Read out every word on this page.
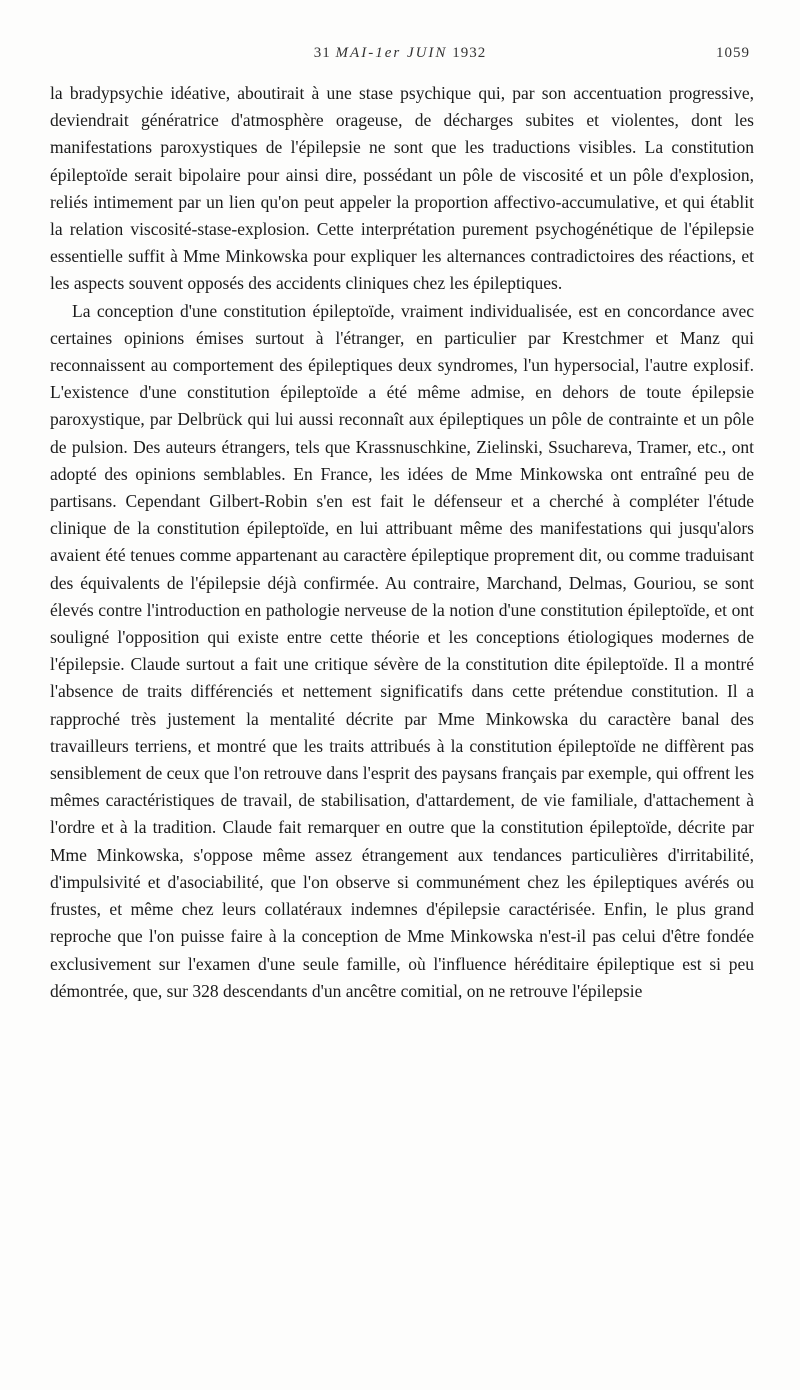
31 MAI-1er JUIN 1932	1059

la bradypsychie idéative, aboutirait à une stase psychique qui, par son accentuation progressive, deviendrait génératrice d'atmosphère orageuse, de décharges subites et violentes, dont les manifestations paroxystiques de l'épilepsie ne sont que les traductions visibles. La constitution épileptoïde serait bipolaire pour ainsi dire, possédant un pôle de viscosité et un pôle d'explosion, reliés intimement par un lien qu'on peut appeler la proportion affectivo-accumulative, et qui établit la relation viscosité-stase-explosion. Cette interprétation purement psychogénétique de l'épilepsie essentielle suffit à Mme Minkowska pour expliquer les alternances contradictoires des réactions, et les aspects souvent opposés des accidents cliniques chez les épileptiques.

La conception d'une constitution épileptoïde, vraiment individualisée, est en concordance avec certaines opinions émises surtout à l'étranger, en particulier par Krestchmer et Manz qui reconnaissent au comportement des épileptiques deux syndromes, l'un hypersocial, l'autre explosif. L'existence d'une constitution épileptoïde a été même admise, en dehors de toute épilepsie paroxystique, par Delbrück qui lui aussi reconnaît aux épileptiques un pôle de contrainte et un pôle de pulsion. Des auteurs étrangers, tels que Krassnuschkine, Zielinski, Ssuchareva, Tramer, etc., ont adopté des opinions semblables. En France, les idées de Mme Minkowska ont entraîné peu de partisans. Cependant Gilbert-Robin s'en est fait le défenseur et a cherché à compléter l'étude clinique de la constitution épileptoïde, en lui attribuant même des manifestations qui jusqu'alors avaient été tenues comme appartenant au caractère épileptique proprement dit, ou comme traduisant des équivalents de l'épilepsie déjà confirmée. Au contraire, Marchand, Delmas, Gouriou, se sont élevés contre l'introduction en pathologie nerveuse de la notion d'une constitution épileptoïde, et ont souligné l'opposition qui existe entre cette théorie et les conceptions étiologiques modernes de l'épilepsie. Claude surtout a fait une critique sévère de la constitution dite épileptoïde. Il a montré l'absence de traits différenciés et nettement significatifs dans cette prétendue constitution. Il a rapproché très justement la mentalité décrite par Mme Minkowska du caractère banal des travailleurs terriens, et montré que les traits attribués à la constitution épileptoïde ne diffèrent pas sensiblement de ceux que l'on retrouve dans l'esprit des paysans français par exemple, qui offrent les mêmes caractéristiques de travail, de stabilisation, d'attardement, de vie familiale, d'attachement à l'ordre et à la tradition. Claude fait remarquer en outre que la constitution épileptoïde, décrite par Mme Minkowska, s'oppose même assez étrangement aux tendances particulières d'irritabilité, d'impulsivité et d'asociabilité, que l'on observe si communément chez les épileptiques avérés ou frustes, et même chez leurs collatéraux indemnes d'épilepsie caractérisée. Enfin, le plus grand reproche que l'on puisse faire à la conception de Mme Minkowska n'est-il pas celui d'être fondée exclusivement sur l'examen d'une seule famille, où l'influence héréditaire épileptique est si peu démontrée, que, sur 328 descendants d'un ancêtre comitial, on ne retrouve l'épilepsie
